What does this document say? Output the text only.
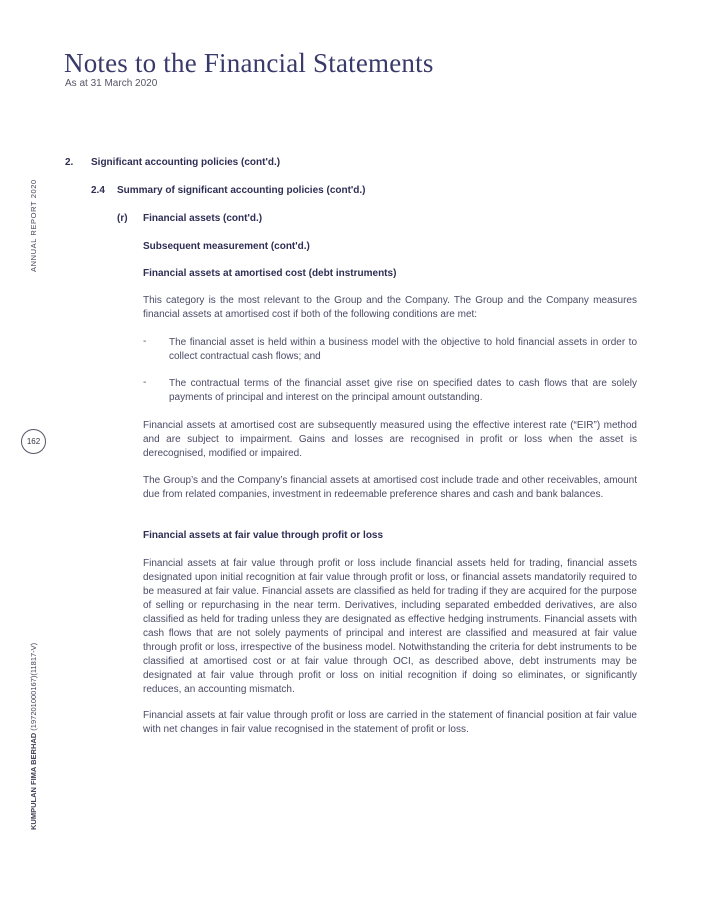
Notes to the Financial Statements
As at 31 March 2020
ANNUAL REPORT 2020
162
KUMPULAN FIMA BERHAD (197201000167)(11817-V)
2. Significant accounting policies (cont'd.)
2.4 Summary of significant accounting policies (cont'd.)
(r) Financial assets (cont'd.)
Subsequent measurement (cont'd.)
Financial assets at amortised cost (debt instruments)

This category is the most relevant to the Group and the Company. The Group and the Company measures financial assets at amortised cost if both of the following conditions are met:

- The financial asset is held within a business model with the objective to hold financial assets in order to collect contractual cash flows; and

- The contractual terms of the financial asset give rise on specified dates to cash flows that are solely payments of principal and interest on the principal amount outstanding.

Financial assets at amortised cost are subsequently measured using the effective interest rate (“EIR”) method and are subject to impairment. Gains and losses are recognised in profit or loss when the asset is derecognised, modified or impaired.

The Group’s and the Company’s financial assets at amortised cost include trade and other receivables, amount due from related companies, investment in redeemable preference shares and cash and bank balances.

Financial assets at fair value through profit or loss

Financial assets at fair value through profit or loss include financial assets held for trading, financial assets designated upon initial recognition at fair value through profit or loss, or financial assets mandatorily required to be measured at fair value. Financial assets are classified as held for trading if they are acquired for the purpose of selling or repurchasing in the near term. Derivatives, including separated embedded derivatives, are also classified as held for trading unless they are designated as effective hedging instruments. Financial assets with cash flows that are not solely payments of principal and interest are classified and measured at fair value through profit or loss, irrespective of the business model. Notwithstanding the criteria for debt instruments to be classified at amortised cost or at fair value through OCI, as described above, debt instruments may be designated at fair value through profit or loss on initial recognition if doing so eliminates, or significantly reduces, an accounting mismatch.

Financial assets at fair value through profit or loss are carried in the statement of financial position at fair value with net changes in fair value recognised in the statement of profit or loss.
